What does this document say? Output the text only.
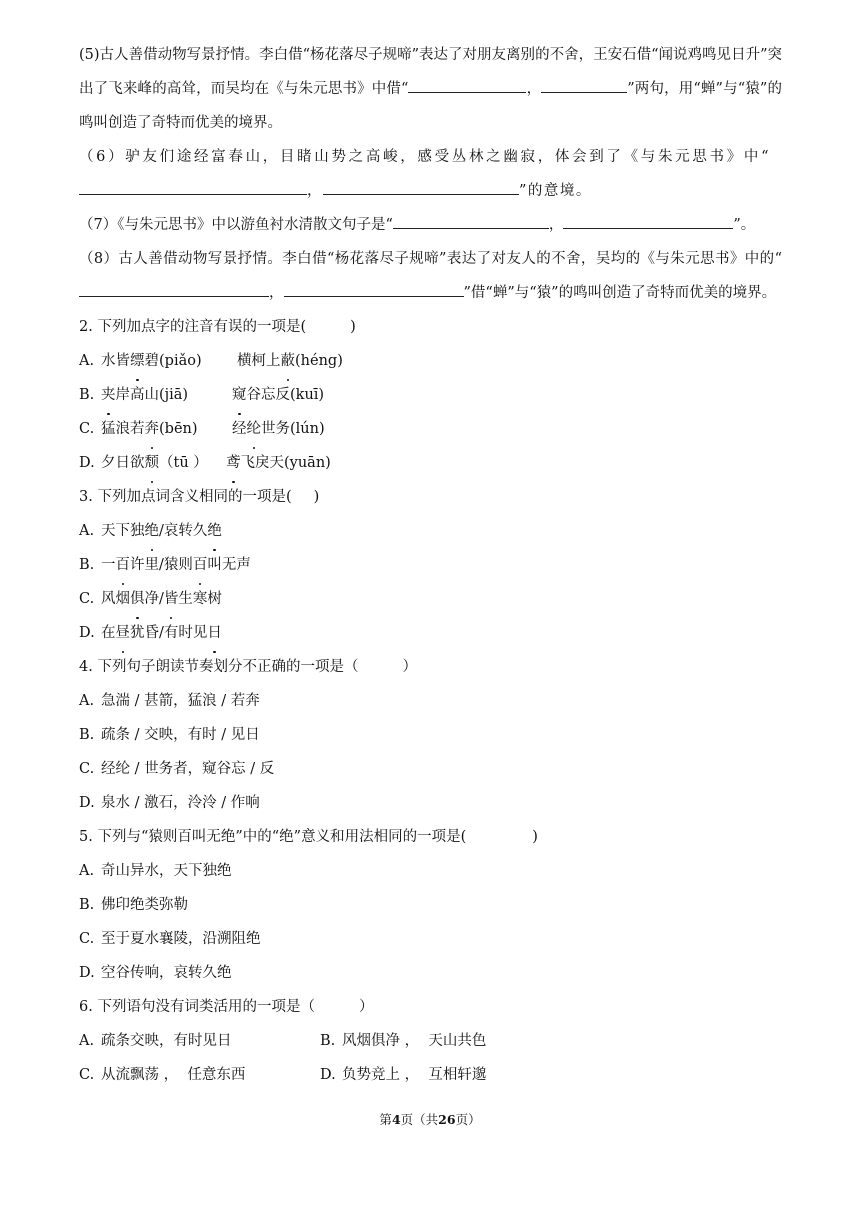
(5)古人善借动物写景抒情。李白借“杨花落尽子规啼”表达了对朋友离别的不舍，王安石借“闻说鸡鸣见日升”突出了飞来峰的高耸，而吴均在《与朱元思书》中借“	，	”两句，用“蝉”与“猿”的鸣叫创造了奇特而优美的境界。
（6）驴友们途经富春山，目睹山势之高峻，感受丛林之幽寂，体会到了《与朱元思书》中“，	”的意境。
（7）《与朱元思书》中以游鱼衬水清散文句子是“	，	”。
（8）古人善借动物写景抒情。李白借“杨花落尽子规啼”表达了对友人的不舍，吴均的《与朱元思书》中的“，	”借“蝉”与“猿”的鸣叫创造了奇特而优美的境界。
2. 下列加点字的注音有误的一项是(	)
A. 水皆缥碧(piǎo) 横柯上蔽(héng)
B. 夹岸高山(jiā)	窥谷忘反(kuī)
C. 猛浪若奔(bēn) 经纶世务(lún)
D. 夕日欲颓（tū ） 鸢飞戾天(yuān)
3. 下列加点词含义相同的一项是( )
A. 天下独绝/哀转久绝
B. 一百许里/猿则百叫无声
C. 风烟俱净/皆生寒树
D. 在昼犹昏/有时见日
4. 下列句子朗读节奏划分不正确的一项是（	）
A. 急湍 / 甚箭，猛浪 / 若奔
B. 疏条 / 交映，有时 / 见日
C. 经纶 / 世务者，窥谷忘 / 反
D. 泉水 / 激石，泠泠 / 作响
5. 下列与“猿则百叫无绝”中的“绝”意义和用法相同的一项是(	)
A. 奇山异水，天下独绝
B. 佛印绝类弥勒
C. 至于夏水襄陵，沿溯阻绝
D. 空谷传响，哀转久绝
6. 下列语句没有词类活用的一项是（	）
A. 疏条交映，有时见日	B. 风烟俱净 ，  天山共色
C. 从流飘荡 ，  任意东西	D. 负势竞上 ，  互相轩邈
第4页（共26页）
